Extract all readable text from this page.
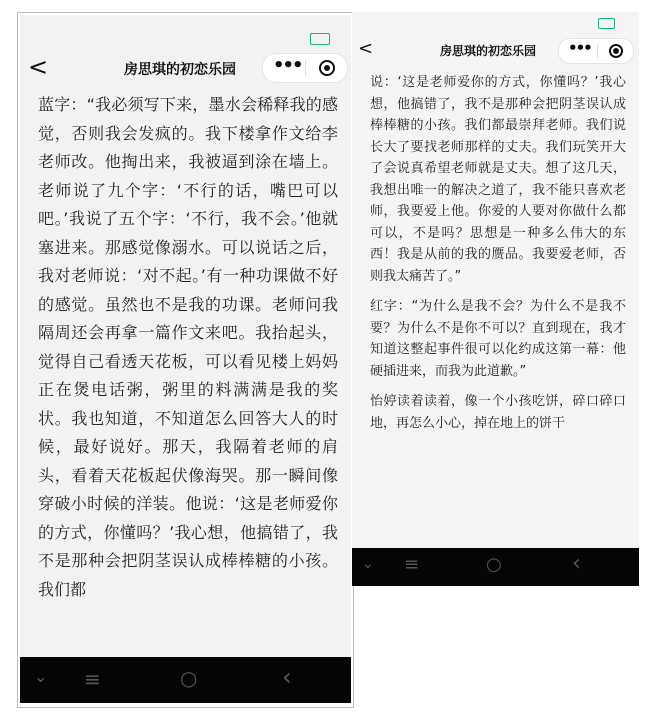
<	房思琪的初恋乐园 •••
蓝字：“我必须写下来，墨水会稀释我的感觉，否则我会发疯的。我下楼拿作文给李老师改。他掏出来，我被逼到涂在墙上。老师说了九个字：‘不行的话，嘴巴可以吧。’我说了五个字：‘不行，我不会。’他就塞进来。那感觉像溺水。可以说话之后，我对老师说：‘对不起。’有一种功课做不好的感觉。虽然也不是我的功课。老师问我隔周还会再拿一篇作文来吧。我抬起头，觉得自己看透天花板，可以看见楼上妈妈正在煲电话粥，粥里的料满满是我的奖状。我也知道，不知道怎么回答大人的时候，最好说好。那天，我隔着老师的肩头，看着天花板起伏像海哭。那一瞬间像穿破小时候的洋装。他说：‘这是老师爱你的方式，你懂吗？’我心想，他搞错了，我不是那种会把阴茎误认成棒棒糖的小孩。我们都
⌄ ≡	○	‹
<	房思琪的初恋乐园 •••

说：‘这是老师爱你的方式，你懂吗？’我心想，他搞错了，我不是那种会把阴茎误认成棒棒糖的小孩。我们都最崇拜老师。我们说长大了要找老师那样的丈夫。我们玩笑开大了会说真希望老师就是丈夫。想了这几天，我想出唯一的解决之道了，我不能只喜欢老师，我要爱上他。你爱的人要对你做什么都可以，不是吗？思想是一种多么伟大的东西！我是从前的我的赝品。我要爱老师，否则我太痛苦了。”

红字：“为什么是我不会？为什么不是我不要？为什么不是你不可以？直到现在，我才知道这整起事件很可以化约成这第一幕：他硬插进来，而我为此道歉。”

怡婷读着读着，像一个小孩吃饼，碎口碎口地，再怎么小心，掉在地上的饼干

⌄ ≡	○	‹
